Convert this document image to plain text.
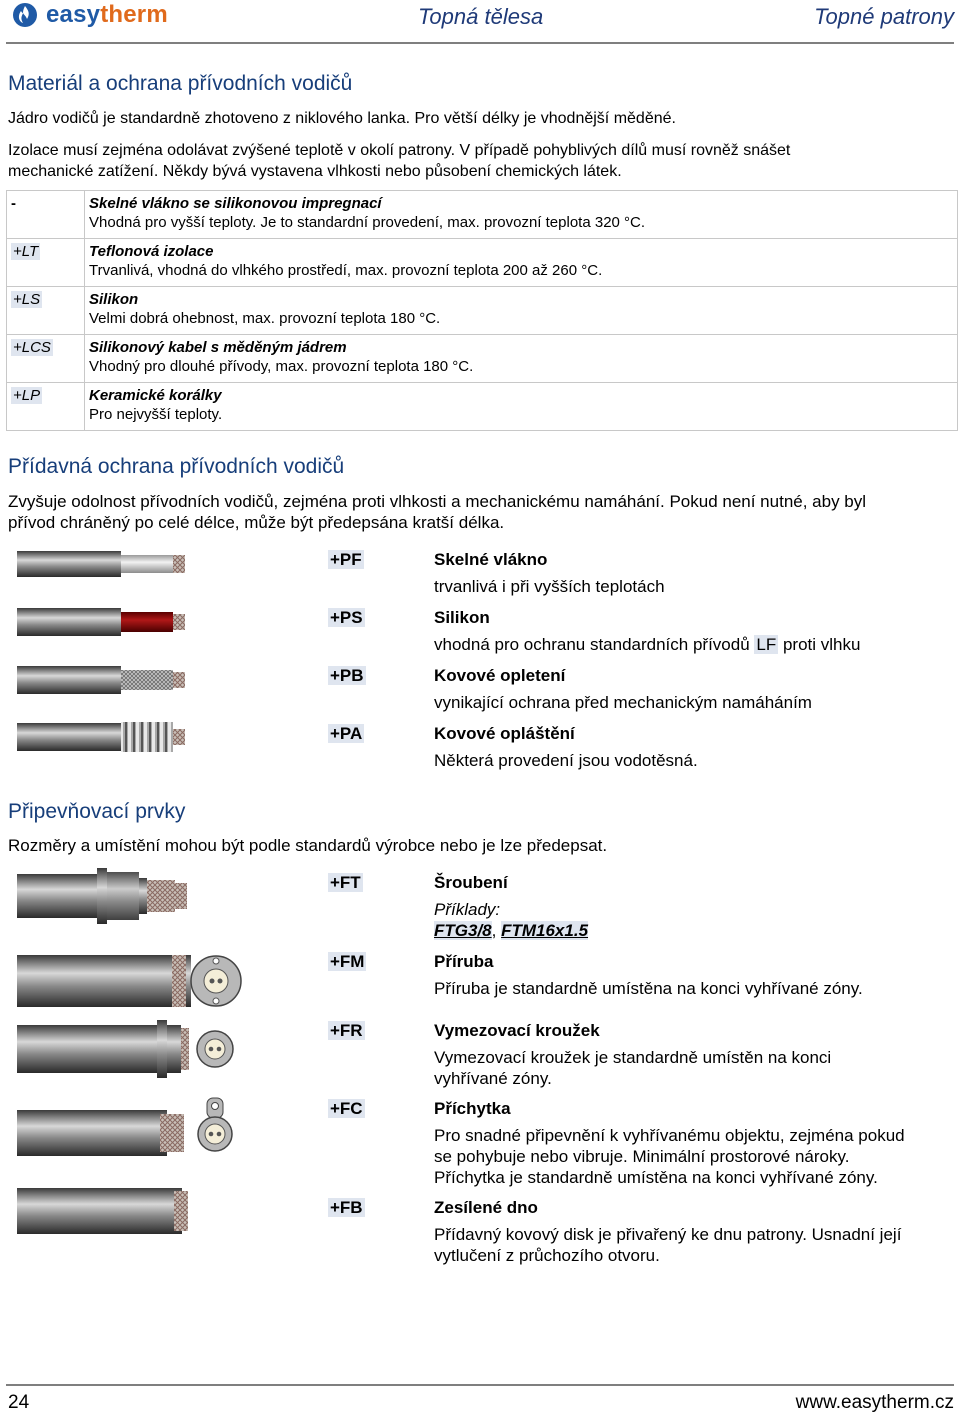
easytherm	Topná tělesa	Topné patrony
Materiál a ochrana přívodních vodičů
Jádro vodičů je standardně zhotoveno z niklového lanka. Pro větší délky je vhodnější měděné.
Izolace musí zejména odolávat zvýšené teplotě v okolí patrony. V případě pohyblivých dílů musí rovněž snášet
mechanické zatížení. Někdy bývá vystavena vlhkosti nebo působení chemických látek.
-	Skelné vlákno se silikonovou impregnací
Vhodná pro vyšší teploty. Je to standardní provedení, max. provozní teplota 320 °C.

+LT	Teflonová izolace
Trvanlivá, vhodná do vlhkého prostředí, max. provozní teplota 200 až 260 °C.

+LS	Silikon
Velmi dobrá ohebnost, max. provozní teplota 180 °C.

+LCS	Silikonový kabel s měděným jádrem
Vhodný pro dlouhé přívody, max. provozní teplota 180 °C.

+LP	Keramické korálky
Pro nejvyšší teploty.
Přídavná ochrana přívodních vodičů
Zvyšuje odolnost přívodních vodičů, zejména proti vlhkosti a mechanickému namáhání. Pokud není nutné, aby byl
přívod chráněný po celé délce, může být předepsána kratší délka.
+PF	Skelné vlákno
trvanlivá i při vyšších teplotách
+PS	Silikon
vhodná pro ochranu standardních přívodů LF proti vlhku
+PB	Kovové opletení
vynikající ochrana před mechanickým namáháním
+PA	Kovové opláštění
Některá provedení jsou vodotěsná.
Připevňovací prvky
Rozměry a umístění mohou být podle standardů výrobce nebo je lze předepsat.
+FT	Šroubení
Příklady:
FTG3/8, FTM16x1.5
+FM	Příruba
Příruba je standardně umístěna na konci vyhřívané zóny.
+FR	Vymezovací kroužek
Vymezovací kroužek je standardně umístěn na konci
vyhřívané zóny.
+FC	Příchytka
Pro snadné připevnění k vyhřívanému objektu, zejména pokud
se pohybuje nebo vibruje. Minimální prostorové nároky.
Příchytka je standardně umístěna na konci vyhřívané zóny.
+FB	Zesílené dno
Přídavný kovový disk je přivařený ke dnu patrony. Usnadní její
vytlučení z průchozího otvoru.
24	www.easytherm.cz
